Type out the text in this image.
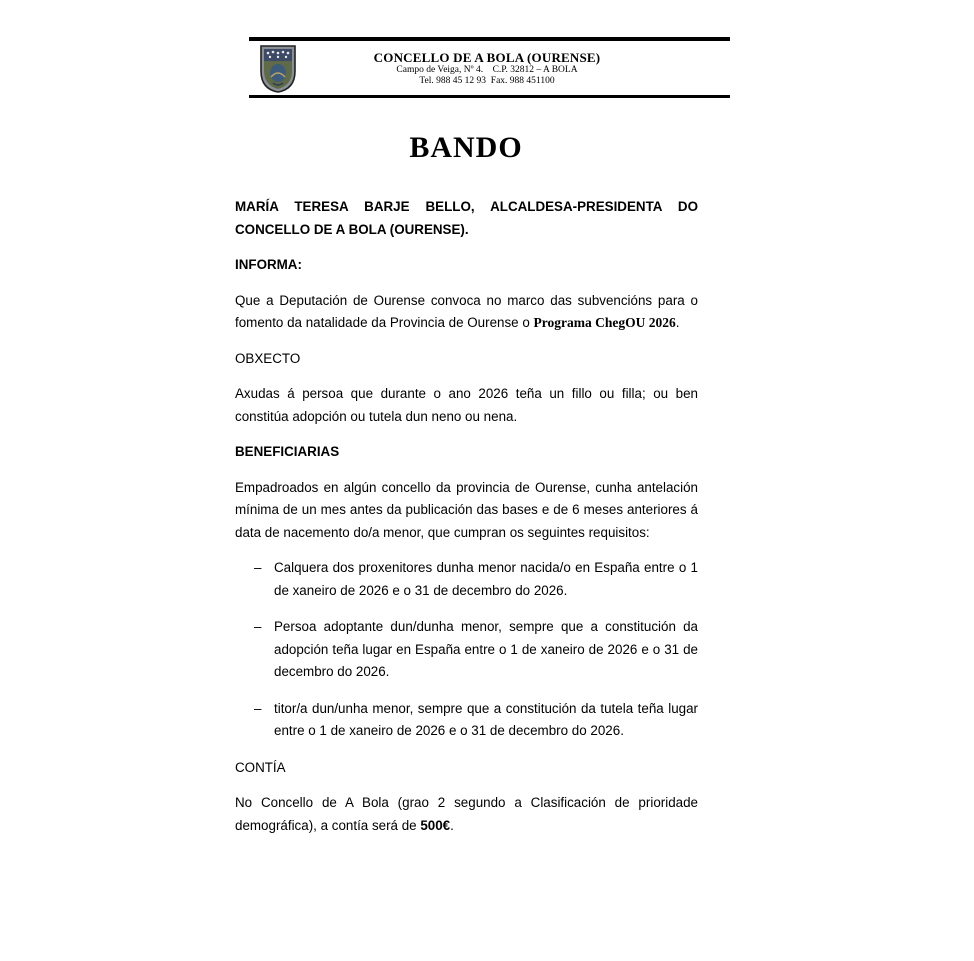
CONCELLO DE A BOLA (OURENSE)
Campo de Veiga, Nº 4.    C.P. 32812 – A BOLA
Tel. 988 45 12 93  Fax. 988 451100
BANDO

MARÍA TERESA BARJE BELLO, ALCALDESA-PRESIDENTA DO CONCELLO DE A BOLA (OURENSE).

INFORMA:

Que a Deputación de Ourense convoca no marco das subvencións para o fomento da natalidade da Provincia de Ourense o Programa ChegOU 2026.

OBXECTO

Axudas á persoa que durante o ano 2026 teña un fillo ou filla; ou ben constitúa adopción ou tutela dun neno ou nena.

BENEFICIARIAS

Empadroados en algún concello da provincia de Ourense, cunha antelación mínima de un mes antes da publicación das bases e de 6 meses anteriores á data de nacemento do/a menor, que cumpran os seguintes requisitos:

– Calquera dos proxenitores dunha menor nacida/o en España entre o 1 de xaneiro de 2026 e o 31 de decembro do 2026.
– Persoa adoptante dun/dunha menor, sempre que a constitución da adopción teña lugar en España entre o 1 de xaneiro de 2026 e o 31 de decembro do 2026.
– titor/a dun/unha menor, sempre que a constitución da tutela teña lugar entre o 1 de xaneiro de 2026 e o 31 de decembro do 2026.

CONTÍA

No Concello de A Bola (grao 2 segundo a Clasificación de prioridade demográfica), a contía será de 500€.
